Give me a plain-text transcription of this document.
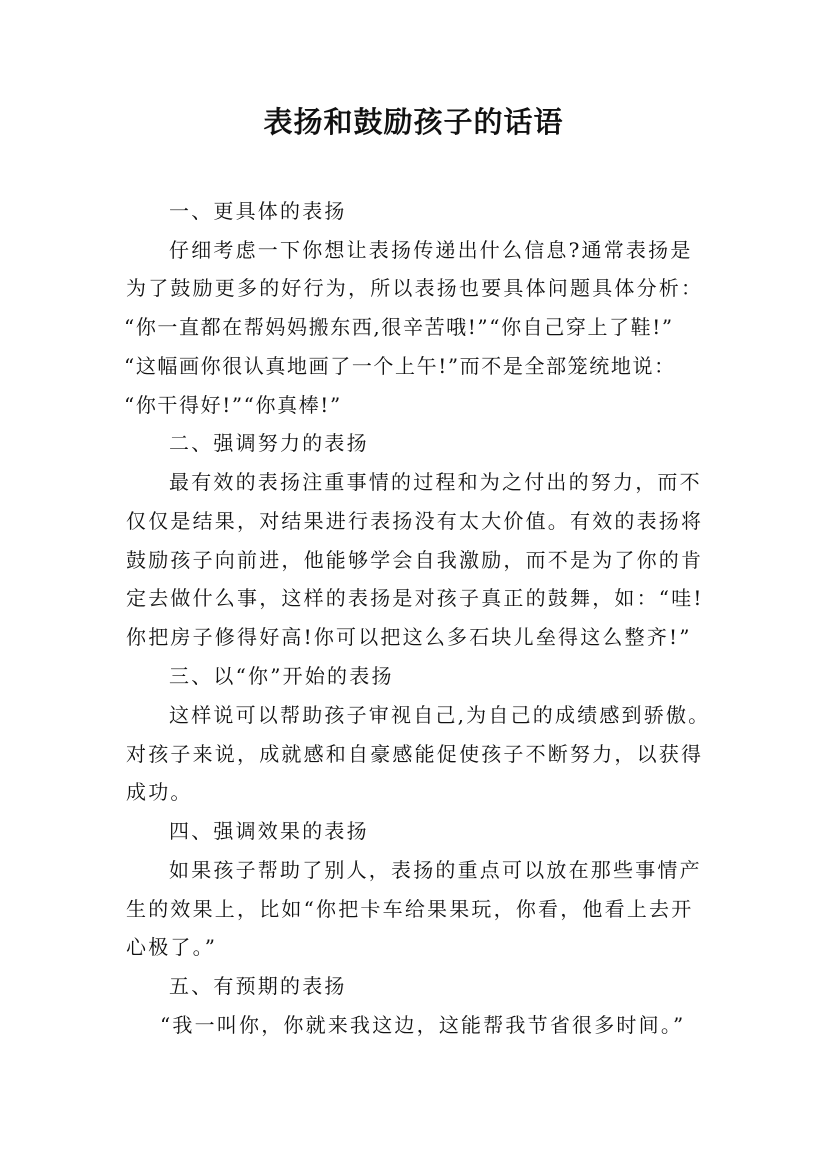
表扬和鼓励孩子的话语
一、更具体的表扬
仔细考虑一下你想让表扬传递出什么信息?通常表扬是
为了鼓励更多的好行为，所以表扬也要具体问题具体分析：
“你一直都在帮妈妈搬东西,很辛苦哦!”“你自己穿上了鞋!”
“这幅画你很认真地画了一个上午!”而不是全部笼统地说：
“你干得好!”“你真棒!”
二、强调努力的表扬
最有效的表扬注重事情的过程和为之付出的努力，而不
仅仅是结果，对结果进行表扬没有太大价值。有效的表扬将
鼓励孩子向前进，他能够学会自我激励，而不是为了你的肯
定去做什么事，这样的表扬是对孩子真正的鼓舞，如：“哇!
你把房子修得好高!你可以把这么多石块儿垒得这么整齐!”
三、以“你”开始的表扬
这样说可以帮助孩子审视自己,为自己的成绩感到骄傲。
对孩子来说，成就感和自豪感能促使孩子不断努力，以获得
成功。
四、强调效果的表扬
如果孩子帮助了别人，表扬的重点可以放在那些事情产
生的效果上，比如“你把卡车给果果玩，你看，他看上去开
心极了。”
五、有预期的表扬
“我一叫你，你就来我这边，这能帮我节省很多时间。”
